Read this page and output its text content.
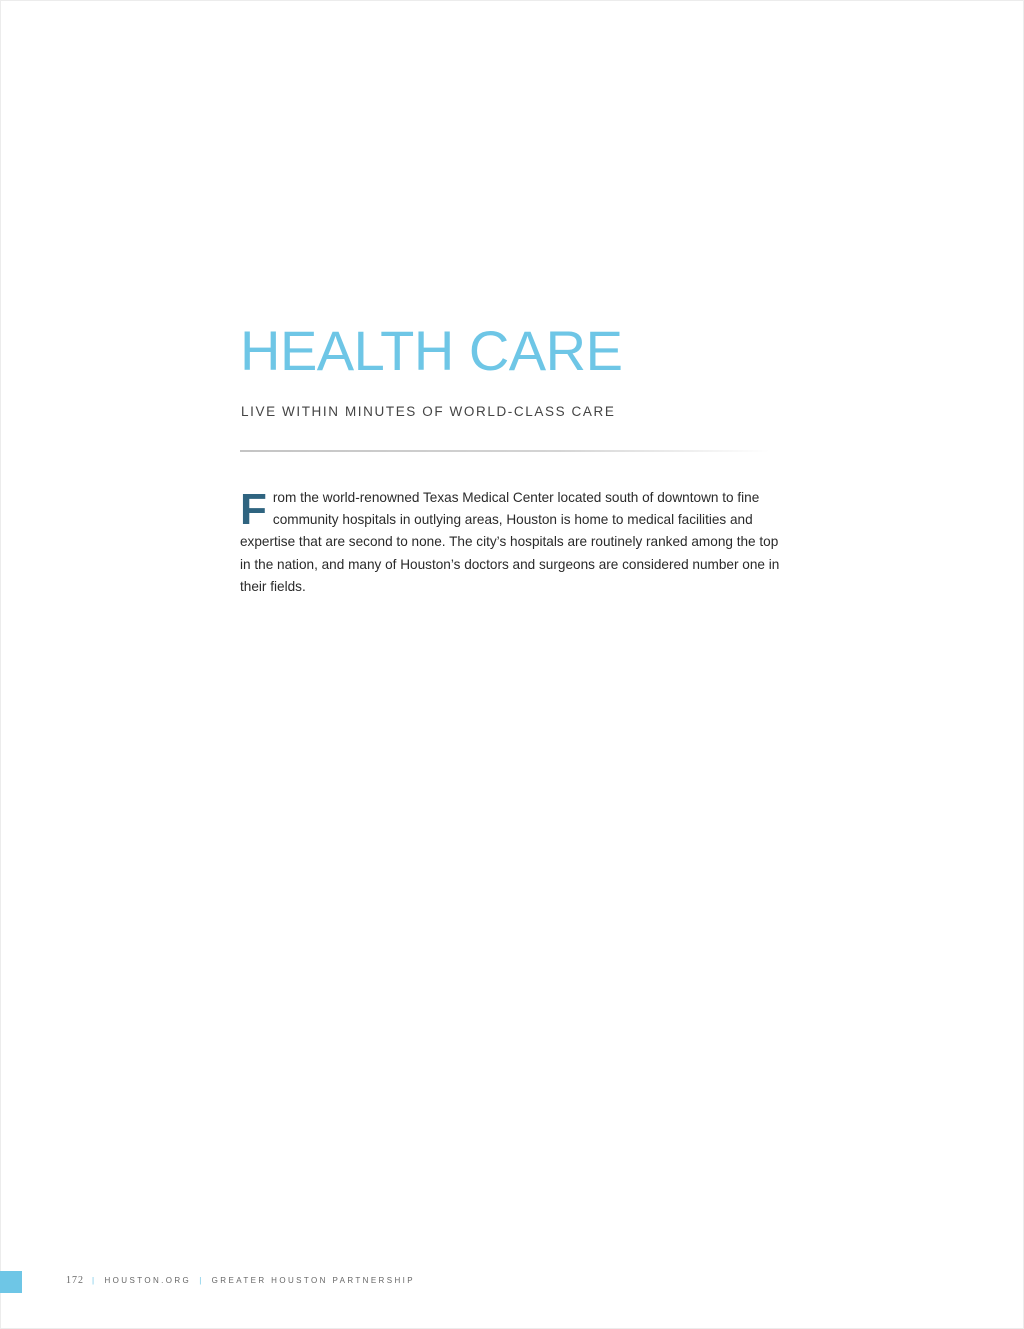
HEALTH CARE

LIVE WITHIN MINUTES OF WORLD-CLASS CARE

From the world-renowned Texas Medical Center located south of downtown to fine community hospitals in outlying areas, Houston is home to medical facilities and expertise that are second to none. The city’s hospitals are routinely ranked among the top in the nation, and many of Houston’s doctors and surgeons are considered number one in their fields.

172 | HOUSTON.ORG | GREATER HOUSTON PARTNERSHIP
